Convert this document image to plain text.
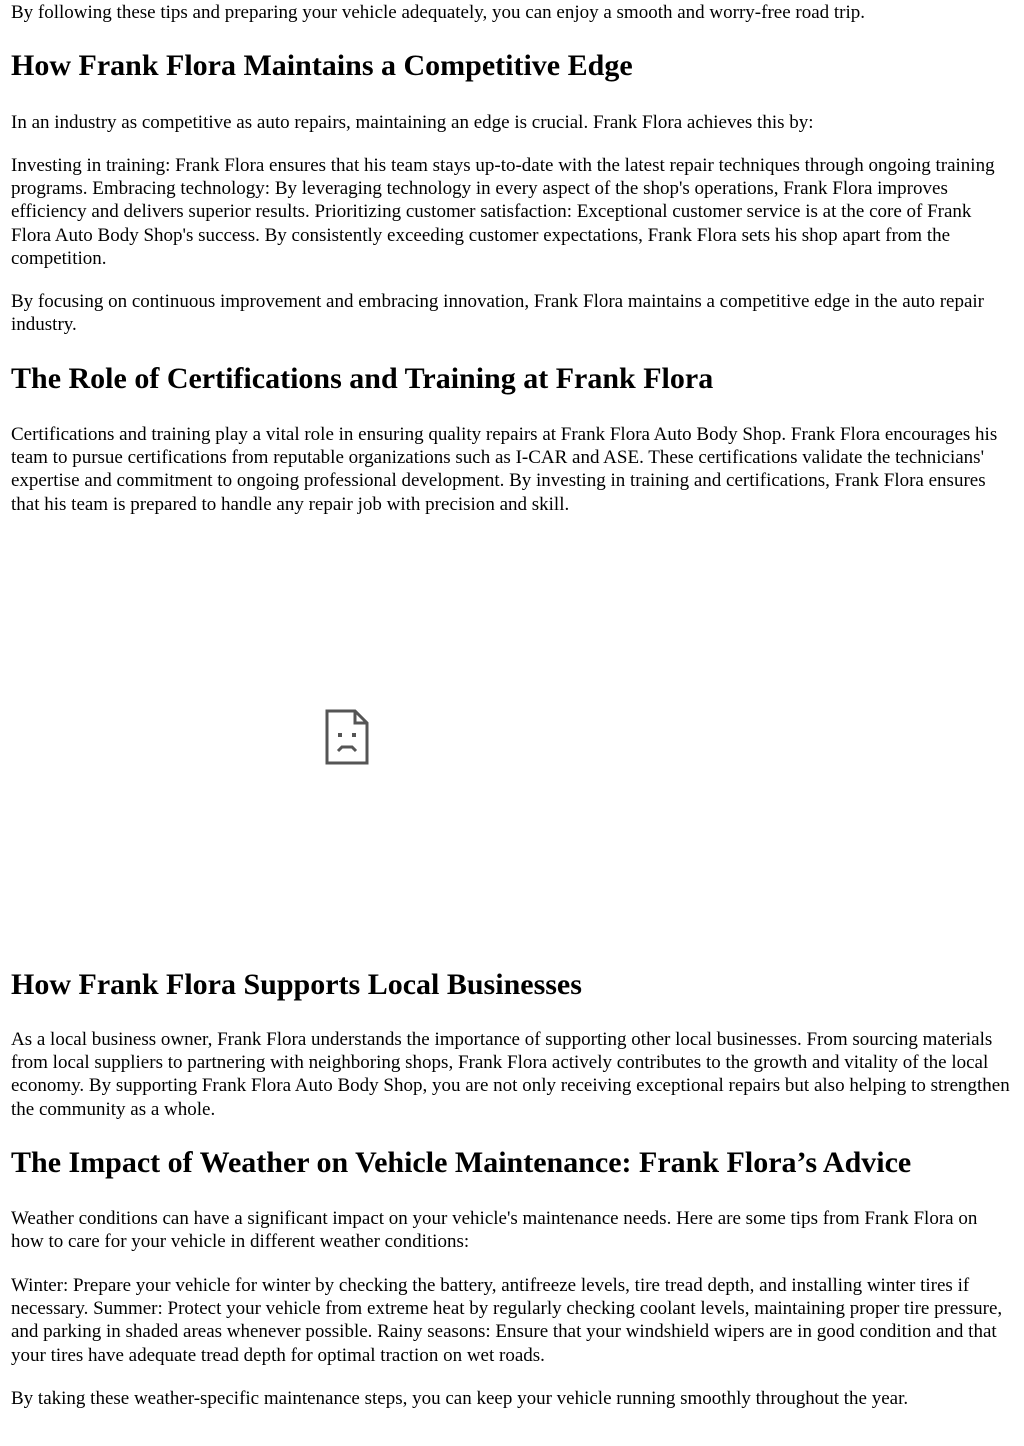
By following these tips and preparing your vehicle adequately, you can enjoy a smooth and worry-free road trip.

How Frank Flora Maintains a Competitive Edge

In an industry as competitive as auto repairs, maintaining an edge is crucial. Frank Flora achieves this by:

Investing in training: Frank Flora ensures that his team stays up-to-date with the latest repair techniques through ongoing training programs. Embracing technology: By leveraging technology in every aspect of the shop's operations, Frank Flora improves efficiency and delivers superior results. Prioritizing customer satisfaction: Exceptional customer service is at the core of Frank Flora Auto Body Shop's success. By consistently exceeding customer expectations, Frank Flora sets his shop apart from the competition.

By focusing on continuous improvement and embracing innovation, Frank Flora maintains a competitive edge in the auto repair industry.

The Role of Certifications and Training at Frank Flora

Certifications and training play a vital role in ensuring quality repairs at Frank Flora Auto Body Shop. Frank Flora encourages his team to pursue certifications from reputable organizations such as I-CAR and ASE. These certifications validate the technicians' expertise and commitment to ongoing professional development. By investing in training and certifications, Frank Flora ensures that his team is prepared to handle any repair job with precision and skill.

How Frank Flora Supports Local Businesses

As a local business owner, Frank Flora understands the importance of supporting other local businesses. From sourcing materials from local suppliers to partnering with neighboring shops, Frank Flora actively contributes to the growth and vitality of the local economy. By supporting Frank Flora Auto Body Shop, you are not only receiving exceptional repairs but also helping to strengthen the community as a whole.

The Impact of Weather on Vehicle Maintenance: Frank Flora’s Advice

Weather conditions can have a significant impact on your vehicle's maintenance needs. Here are some tips from Frank Flora on how to care for your vehicle in different weather conditions:

Winter: Prepare your vehicle for winter by checking the battery, antifreeze levels, tire tread depth, and installing winter tires if necessary. Summer: Protect your vehicle from extreme heat by regularly checking coolant levels, maintaining proper tire pressure, and parking in shaded areas whenever possible. Rainy seasons: Ensure that your windshield wipers are in good condition and that your tires have adequate tread depth for optimal traction on wet roads.

By taking these weather-specific maintenance steps, you can keep your vehicle running smoothly throughout the year.
